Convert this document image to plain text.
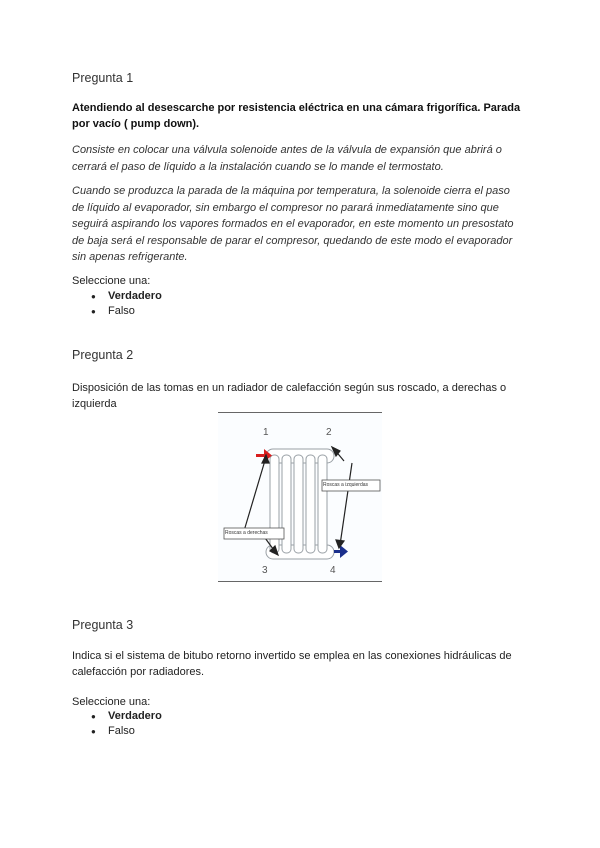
Pregunta 1
Atendiendo al desescarche por resistencia eléctrica en una cámara frigorífica. Parada
por vacío ( pump down).
Consiste en colocar una válvula solenoide antes de la válvula de expansión que abrirá o
cerrará el paso de líquido a la instalación cuando se lo mande el termostato.
Cuando se produzca la parada de la máquina por temperatura, la solenoide cierra el paso
de líquido al evaporador, sin embargo el compresor no parará inmediatamente sino que
seguirá aspirando los vapores formados en el evaporador, en este momento un presostato
de baja será el responsable de parar el compresor, quedando de este modo el evaporador
sin apenas refrigerante.
Seleccione una:
● Verdadero
● Falso
Pregunta 2
Disposición de las tomas en un radiador de calefacción según sus roscado, a derechas o
izquierda
1	2
3	4
Roscas a izquierdas
Roscas a derechas
Pregunta 3
Indica si el sistema de bitubo retorno invertido se emplea en las conexiones hidráulicas de
calefacción por radiadores.
Seleccione una:
● Verdadero
● Falso
